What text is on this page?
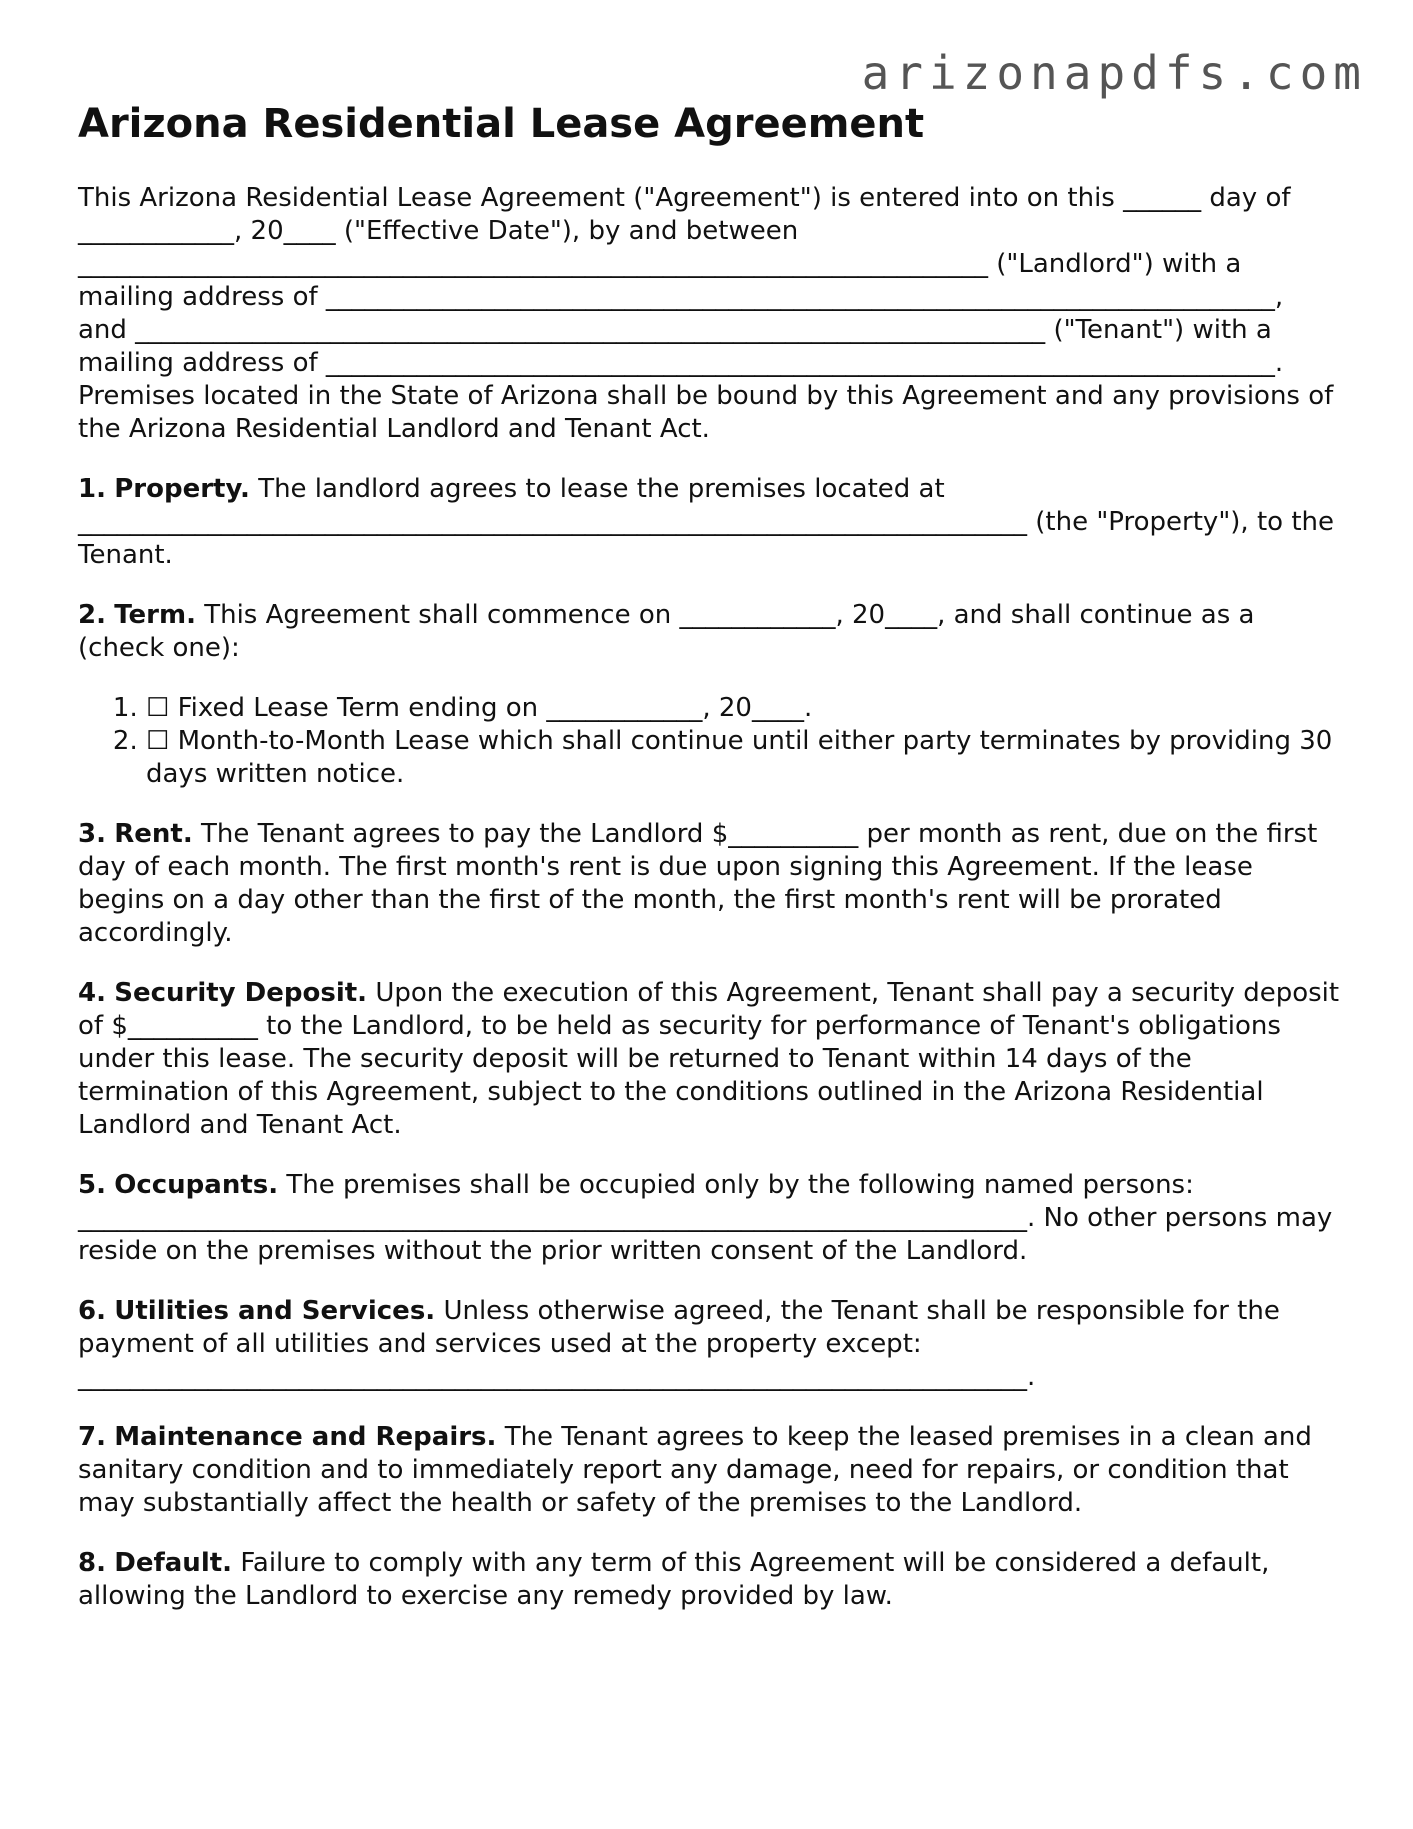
arizonapdfs.com
Arizona Residential Lease Agreement

This Arizona Residential Lease Agreement ("Agreement") is entered into on this ______ day of ____________, 20____ ("Effective Date"), by and between ______________________________________________________________________ ("Landlord") with a mailing address of _________________________________________________________________________, and ______________________________________________________________________ ("Tenant") with a mailing address of _________________________________________________________________________. Premises located in the State of Arizona shall be bound by this Agreement and any provisions of the Arizona Residential Landlord and Tenant Act.

1. Property. The landlord agrees to lease the premises located at _________________________________________________________________________ (the "Property"), to the Tenant.

2. Term. This Agreement shall commence on ____________, 20____, and shall continue as a (check one):

1. ☐ Fixed Lease Term ending on ____________, 20____.
2. ☐ Month-to-Month Lease which shall continue until either party terminates by providing 30 days written notice.

3. Rent. The Tenant agrees to pay the Landlord $__________ per month as rent, due on the first day of each month. The first month's rent is due upon signing this Agreement. If the lease begins on a day other than the first of the month, the first month's rent will be prorated accordingly.

4. Security Deposit. Upon the execution of this Agreement, Tenant shall pay a security deposit of $__________ to the Landlord, to be held as security for performance of Tenant's obligations under this lease. The security deposit will be returned to Tenant within 14 days of the termination of this Agreement, subject to the conditions outlined in the Arizona Residential Landlord and Tenant Act.

5. Occupants. The premises shall be occupied only by the following named persons: _________________________________________________________________________. No other persons may reside on the premises without the prior written consent of the Landlord.

6. Utilities and Services. Unless otherwise agreed, the Tenant shall be responsible for the payment of all utilities and services used at the property except: _________________________________________________________________________.

7. Maintenance and Repairs. The Tenant agrees to keep the leased premises in a clean and sanitary condition and to immediately report any damage, need for repairs, or condition that may substantially affect the health or safety of the premises to the Landlord.

8. Default. Failure to comply with any term of this Agreement will be considered a default, allowing the Landlord to exercise any remedy provided by law.
